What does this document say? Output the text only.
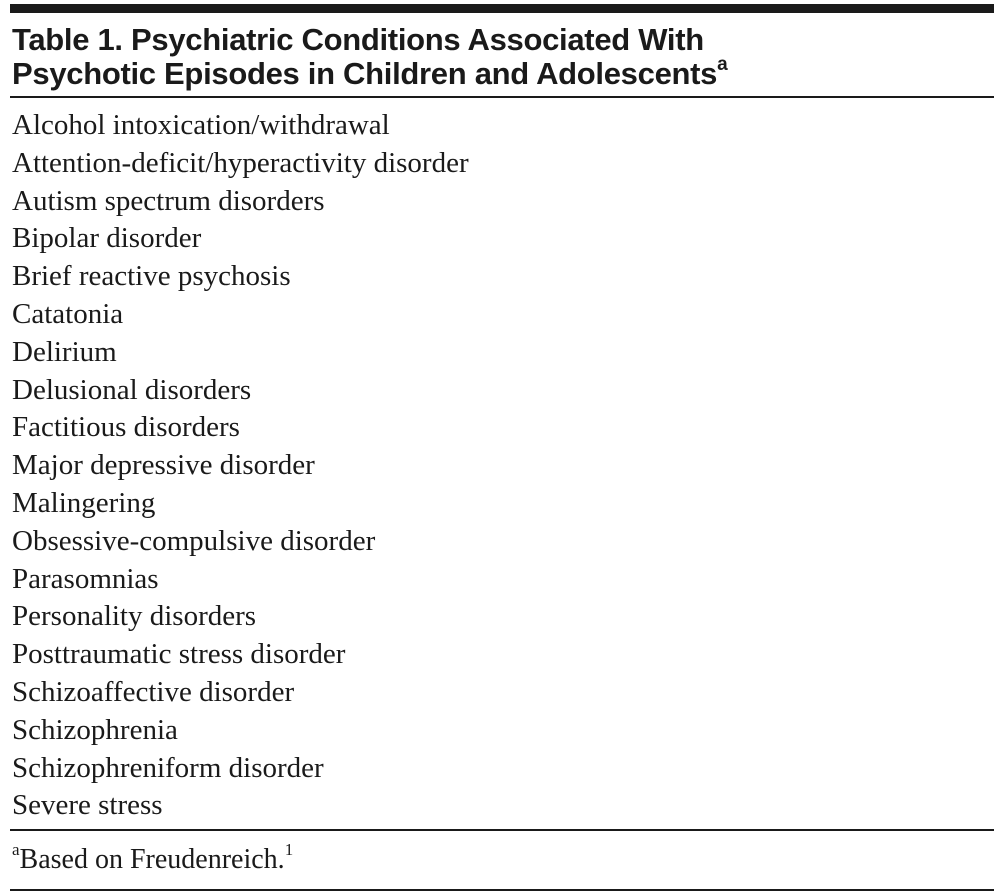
Table 1. Psychiatric Conditions Associated With
Psychotic Episodes in Children and Adolescents$^a$
Alcohol intoxication/withdrawal
Attention-deficit/hyperactivity disorder
Autism spectrum disorders
Bipolar disorder
Brief reactive psychosis
Catatonia
Delirium
Delusional disorders
Factitious disorders
Major depressive disorder
Malingering
Obsessive-compulsive disorder
Parasomnias
Personality disorders
Posttraumatic stress disorder
Schizoaffective disorder
Schizophrenia
Schizophreniform disorder
Severe stress
$^a$Based on Freudenreich.$^1$
